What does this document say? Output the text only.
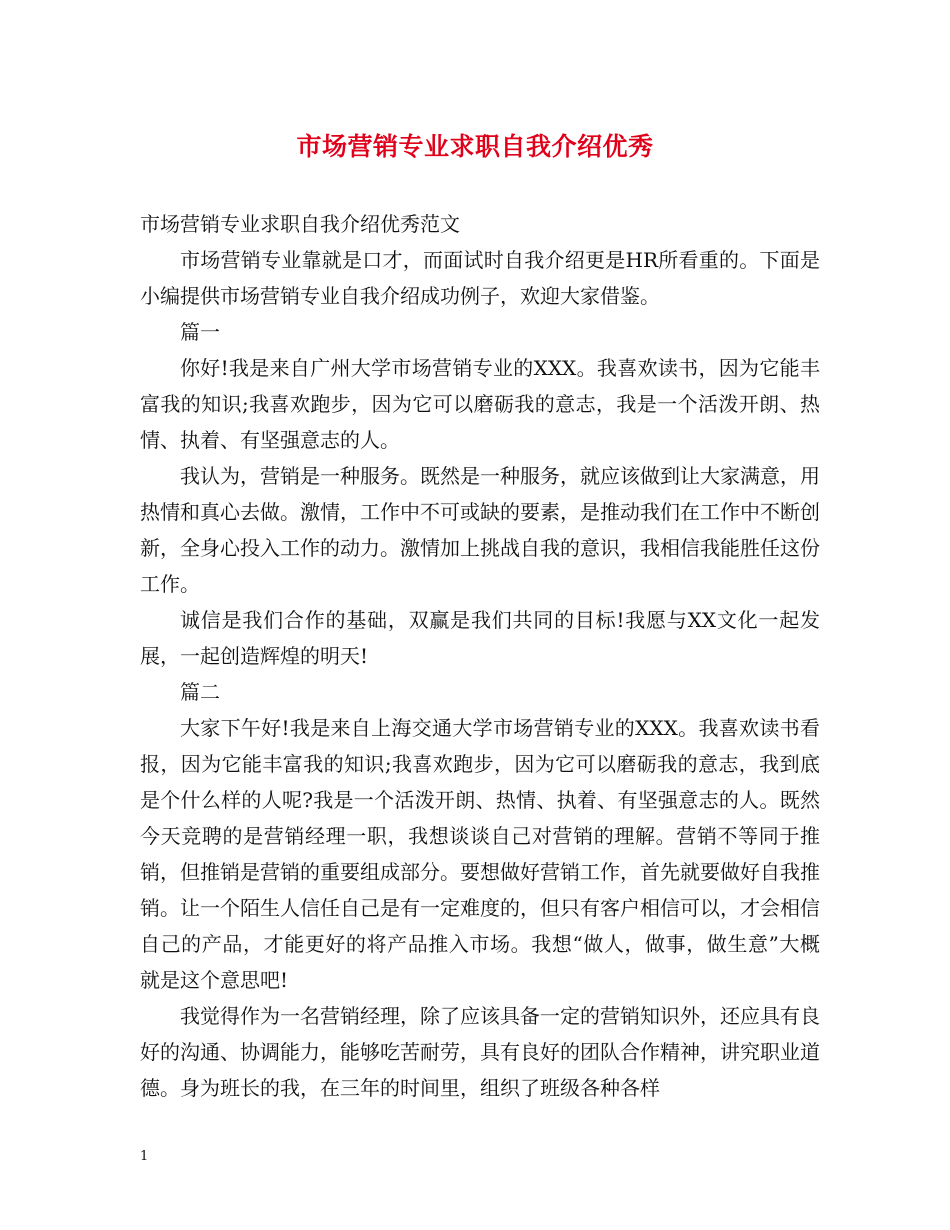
市场营销专业求职自我介绍优秀

市场营销专业求职自我介绍优秀范文

市场营销专业靠就是口才，而面试时自我介绍更是HR所看重的。下面是小编提供市场营销专业自我介绍成功例子，欢迎大家借鉴。

篇一

你好!我是来自广州大学市场营销专业的XXX。我喜欢读书，因为它能丰富我的知识;我喜欢跑步，因为它可以磨砺我的意志，我是一个活泼开朗、热情、执着、有坚强意志的人。

我认为，营销是一种服务。既然是一种服务，就应该做到让大家满意，用热情和真心去做。激情，工作中不可或缺的要素，是推动我们在工作中不断创新，全身心投入工作的动力。激情加上挑战自我的意识，我相信我能胜任这份工作。

诚信是我们合作的基础，双赢是我们共同的目标!我愿与XX文化一起发展，一起创造辉煌的明天!

篇二

大家下午好!我是来自上海交通大学市场营销专业的XXX。我喜欢读书看报，因为它能丰富我的知识;我喜欢跑步，因为它可以磨砺我的意志，我到底是个什么样的人呢?我是一个活泼开朗、热情、执着、有坚强意志的人。既然今天竞聘的是营销经理一职，我想谈谈自己对营销的理解。营销不等同于推销，但推销是营销的重要组成部分。要想做好营销工作，首先就要做好自我推销。让一个陌生人信任自己是有一定难度的，但只有客户相信可以，才会相信自己的产品，才能更好的将产品推入市场。我想“做人，做事，做生意”大概就是这个意思吧!

我觉得作为一名营销经理，除了应该具备一定的营销知识外，还应具有良好的沟通、协调能力，能够吃苦耐劳，具有良好的团队合作精神，讲究职业道德。身为班长的我，在三年的时间里，组织了班级各种各样

1
